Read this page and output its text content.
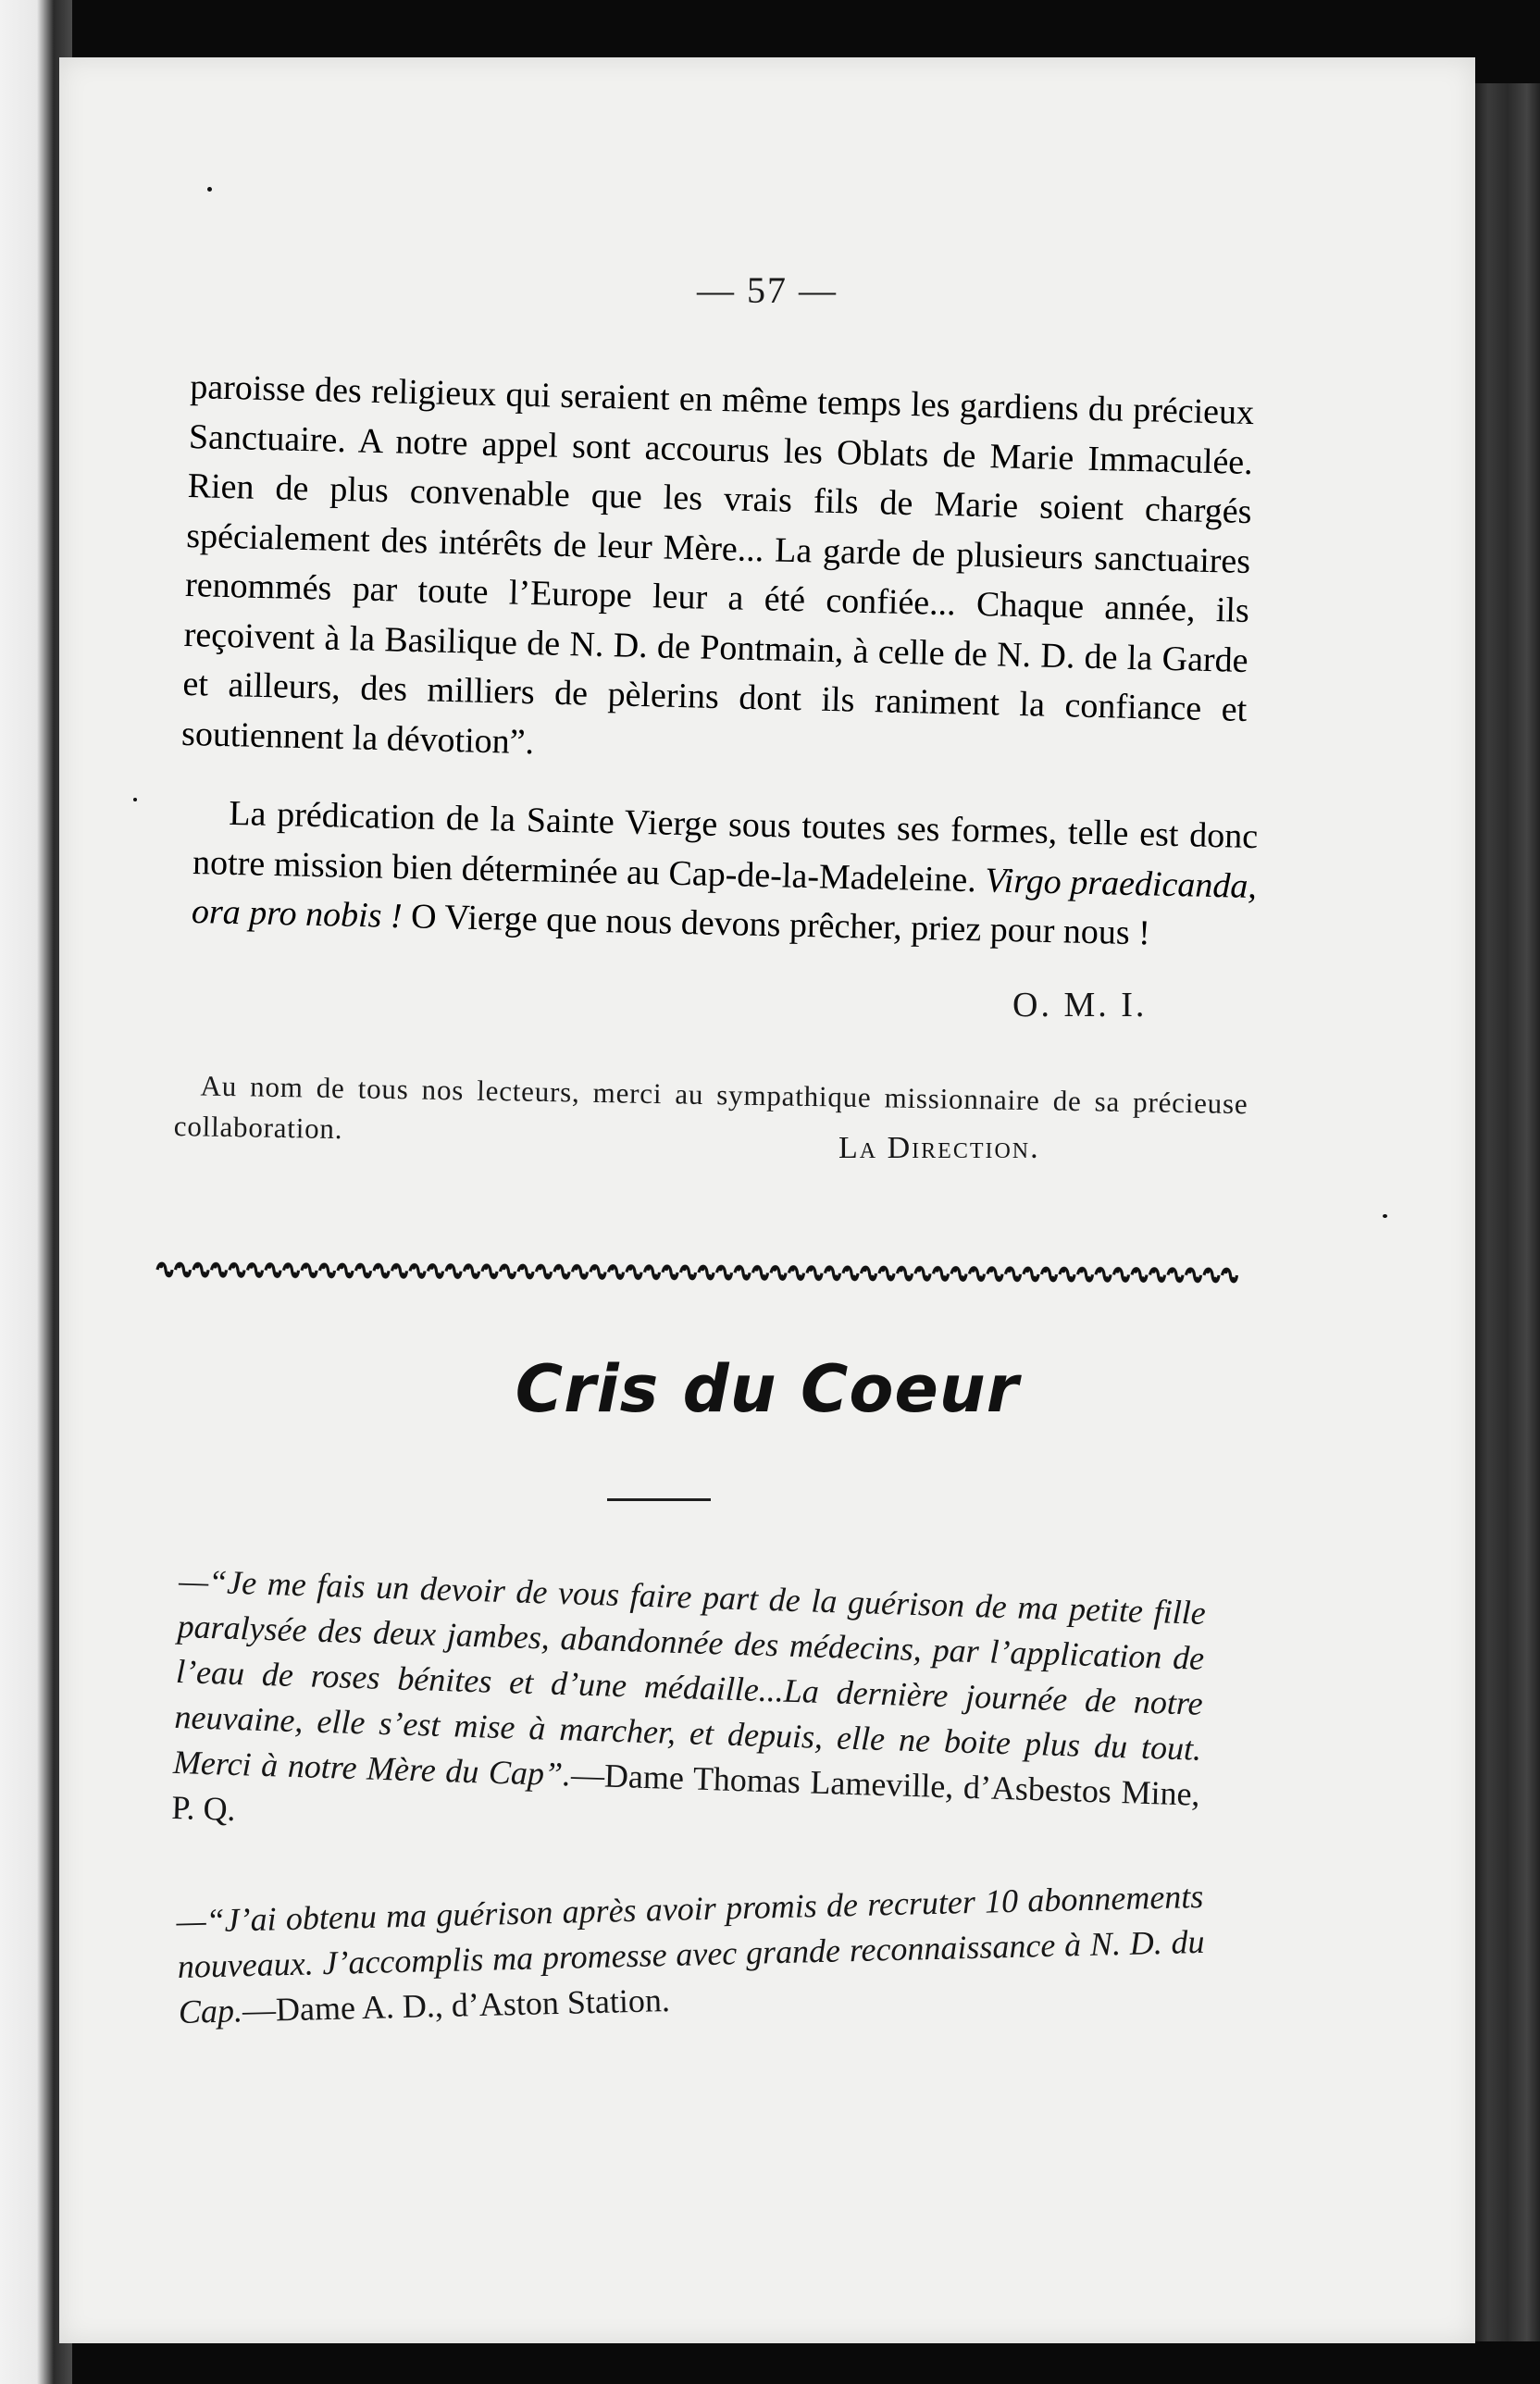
— 57 —

paroisse des religieux qui seraient en même temps les gardiens du précieux Sanctuaire. A notre appel sont accourus les Oblats de Marie Immaculée. Rien de plus convenable que les vrais fils de Marie soient chargés spécialement des intérêts de leur Mère... La garde de plusieurs sanctuaires renommés par toute l’Europe leur a été confiée... Chaque année, ils reçoivent à la Basilique de N. D. de Pontmain, à celle de N. D. de la Garde et ailleurs, des milliers de pèlerins dont ils raniment la confiance et soutiennent la dévotion”.

La prédication de la Sainte Vierge sous toutes ses formes, telle est donc notre mission bien déterminée au Cap-de-la-Madeleine. Virgo praedicanda, ora pro nobis ! O Vierge que nous devons prêcher, priez pour nous !

O. M. I.

Au nom de tous nos lecteurs, merci au sympathique missionnaire de sa précieuse collaboration.

La Direction.
Cris du Coeur

—“Je me fais un devoir de vous faire part de la guérison de ma petite fille paralysée des deux jambes, abandonnée des médecins, par l’application de l’eau de roses bénites et d’une médaille...La dernière journée de notre neuvaine, elle s’est mise à marcher, et depuis, elle ne boite plus du tout. Merci à notre Mère du Cap”.—Dame Thomas Lameville, d’Asbestos Mine, P. Q.

—“J’ai obtenu ma guérison après avoir promis de recruter 10 abonnements nouveaux. J’accomplis ma promesse avec grande reconnaissance à N. D. du Cap.—Dame A. D., d’Aston Station.
